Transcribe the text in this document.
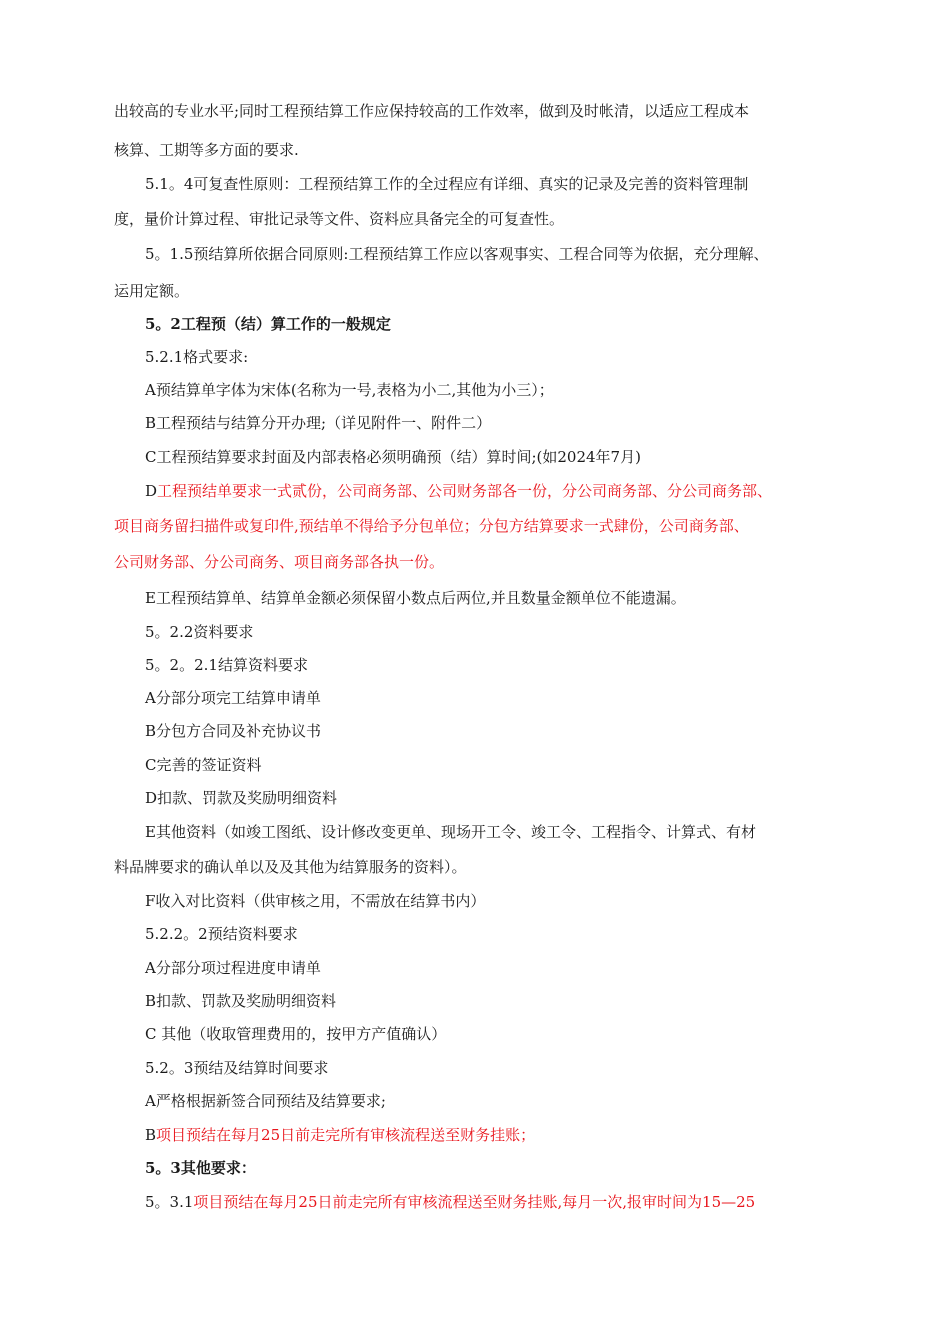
出较高的专业水平;同时工程预结算工作应保持较高的工作效率，做到及时帐清，以适应工程成本
核算、工期等多方面的要求.
5.1。4可复查性原则：工程预结算工作的全过程应有详细、真实的记录及完善的资料管理制
度，量价计算过程、审批记录等文件、资料应具备完全的可复查性。
5。1.5预结算所依据合同原则:工程预结算工作应以客观事实、工程合同等为依据，充分理解、
运用定额。
5。2工程预（结）算工作的一般规定
5.2.1格式要求:
A预结算单字体为宋体(名称为一号,表格为小二,其他为小三）；
B工程预结与结算分开办理;（详见附件一、附件二）
C工程预结算要求封面及内部表格必须明确预（结）算时间;(如2024年7月)
D工程预结单要求一式贰份，公司商务部、公司财务部各一份，分公司商务部、分公司商务部、
项目商务留扫描件或复印件,预结单不得给予分包单位；分包方结算要求一式肆份，公司商务部、
公司财务部、分公司商务、项目商务部各执一份。
E工程预结算单、结算单金额必须保留小数点后两位,并且数量金额单位不能遗漏。
5。2.2资料要求
5。2。2.1结算资料要求
A分部分项完工结算申请单
B分包方合同及补充协议书
C完善的签证资料
D扣款、罚款及奖励明细资料
E其他资料（如竣工图纸、设计修改变更单、现场开工令、竣工令、工程指令、计算式、有材
料品牌要求的确认单以及及其他为结算服务的资料）。
F收入对比资料（供审核之用，不需放在结算书内）
5.2.2。2预结资料要求
A分部分项过程进度申请单
B扣款、罚款及奖励明细资料
C 其他（收取管理费用的，按甲方产值确认）
5.2。3预结及结算时间要求
A严格根据新签合同预结及结算要求;
B项目预结在每月25日前走完所有审核流程送至财务挂账；
5。3其他要求：
5。3.1项目预结在每月25日前走完所有审核流程送至财务挂账,每月一次,报审时间为15—25
